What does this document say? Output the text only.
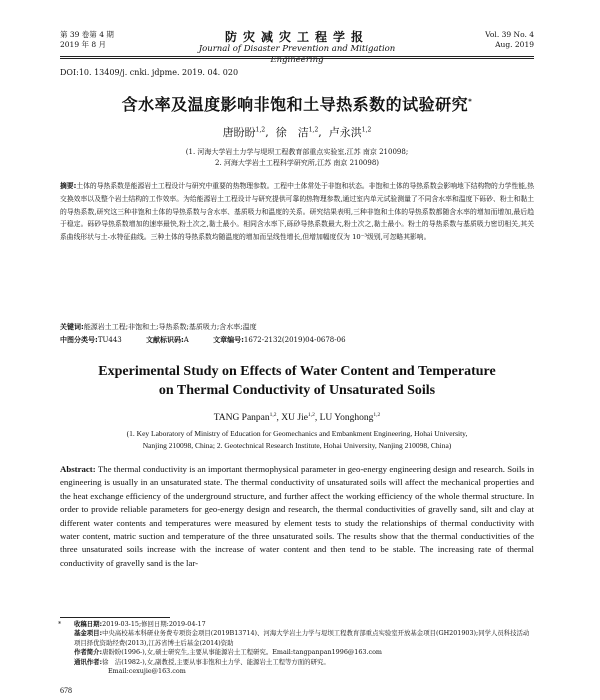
第 39 卷第 4 期
2019 年 8 月
防灾减灾工程学报
Journal of Disaster Prevention and Mitigation Engineering
Vol. 39 No. 4
Aug. 2019
DOI:10. 13409/j. cnki. jdpme. 2019. 04. 020
含水率及温度影响非饱和土导热系数的试验研究*
唐盼盼$^{1,2}$,  徐　洁$^{1,2}$,  卢永洪$^{1,2}$
(1. 河海大学岩土力学与堤坝工程教育部重点实验室,江苏 南京 210098;
2. 河海大学岩土工程科学研究所,江苏 南京 210098)
摘要:土体的导热系数是能源岩土工程设计与研究中重要的热物理参数。工程中土体常处于非饱和状态。非饱和土体的导热系数会影响地下结构物的力学性能,热交换效率以及整个岩土结构的工作效率。为给能源岩土工程设计与研究提供可靠的热物理参数,通过室内单元试验测量了不同含水率和温度下砾砂、粉土和黏土的导热系数,研究这三种非饱和土体的导热系数与含水率、基质吸力和温度的关系。研究结果表明,三种非饱和土体的导热系数都随含水率的增加而增加,最后趋于稳定。砾砂导热系数增加的速率最快,粉土次之,黏土最小。相同含水率下,砾砂导热系数最大,粉土次之,黏土最小。粉土的导热系数与基质吸力密切相关,其关系曲线形状与土-水特征曲线。三种土体的导热系数均随温度的增加而呈线性增长,但增加幅度仅为 10⁻³级别,可忽略其影响。
关键词:能源岩土工程;非饱和土;导热系数;基质吸力;含水率;温度
中图分类号:TU443	文献标识码:A	文章编号:1672-2132(2019)04-0678-06
Experimental Study on Effects of Water Content and Temperature
on Thermal Conductivity of Unsaturated Soils
TANG Panpan$^{1,2}$, XU Jie$^{1,2}$, LU Yonghong$^{1,2}$
(1. Key Laboratory of Ministry of Education for Geomechanics and Embankment Engineering, Hohai University,
Nanjing 210098, China; 2. Geotechnical Research Institute, Hohai University, Nanjing 210098, China)
Abstract: The thermal conductivity is an important thermophysical parameter in geo-energy engineering design and research. Soils in engineering is usually in an unsaturated state. The thermal conductivity of unsaturated soils will affect the mechanical properties and the heat exchange efficiency of the underground structure, and further affect the working efficiency of the whole thermal structure. In order to provide reliable parameters for geo-energy design and research, the thermal conductivities of gravelly sand, silt and clay at different water contents and temperatures were measured by element tests to study the relationships of thermal conductivity with water content, matric suction and temperature of the three unsaturated soils. The results show that the thermal conductivities of the three unsaturated soils increase with the increase of water content and then tend to be stable. The increasing rate of thermal conductivity of gravelly sand is the lar-
*	收稿日期:2019-03-15;修回日期:2019-04-17
基金项目:中央高校基本科研业务费专项资金项目(2019B13714)、河海大学岩土力学与堤坝工程教育部重点实验室开放基金项目(GH201903);同学人员科技活动项目择优资助经费(2013),江苏省博士后基金(2014)资助
作者简介:唐盼盼(1996-),女,硕士研究生,主要从事能源岩土工程研究。Email:tangpanpan1996@163.com
通讯作者:徐　洁(1982-),女,副教授,主要从事非饱和土力学、能源岩土工程等方面的研究。
Email:cexujie@163.com
678
